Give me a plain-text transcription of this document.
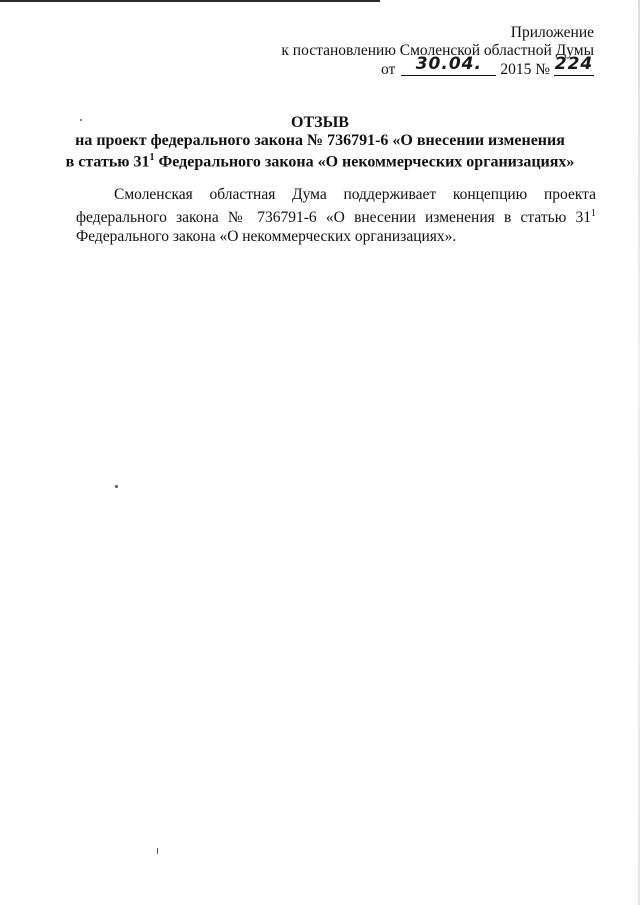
Приложение
к постановлению Смоленской областной Думы
от	30.04.	2015 № 224
ОТЗЫВ
на проект федерального закона № 736791-6 «О внесении изменения
в статью $31^1$ Федерального закона «О некоммерческих организациях»
Смоленская областная Дума поддерживает концепцию проекта
федерального закона № 736791-6 «О внесении изменения в статью $31^1$
Федерального закона «О некоммерческих организациях».
